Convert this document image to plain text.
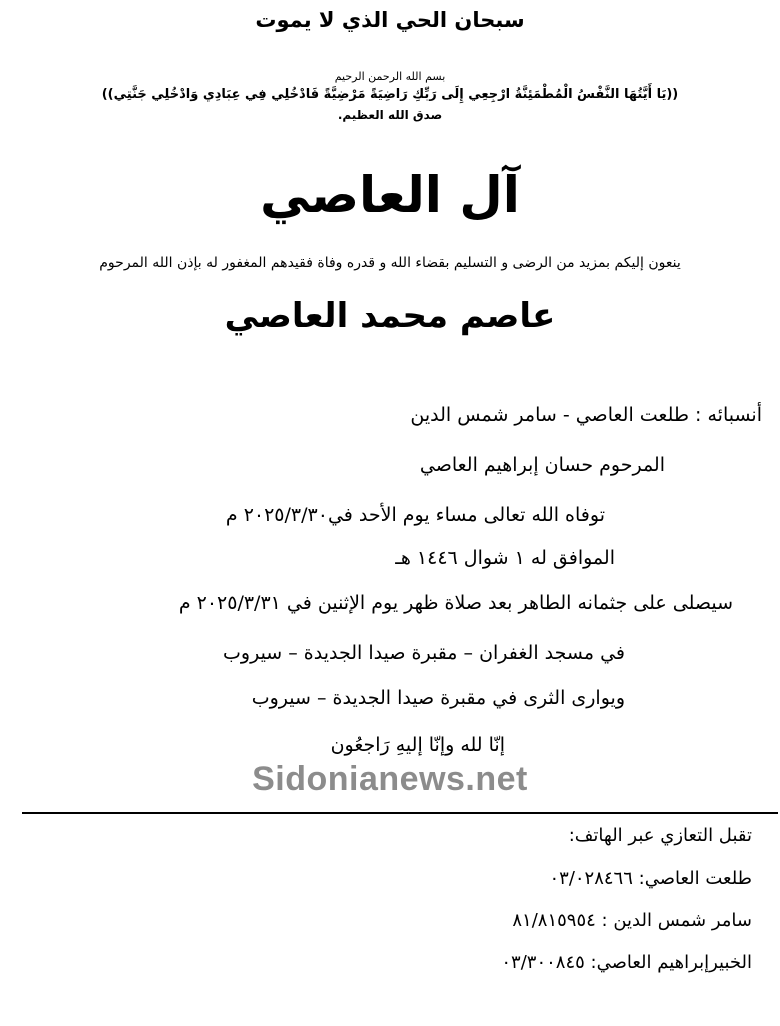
سبحان الحي الذي لا يموت

بسم الله الرحمن الرحيم

((يَا أَيَّتُهَا النَّفْسُ الْمُطْمَئِنَّةُ ارْجِعِي إِلَى رَبِّكِ رَاضِيَةً مَرْضِيَّةً فَادْخُلِي فِي عِبَادِي وَادْخُلِي جَنَّتِي))

صدق الله العظيم.

آل العاصي

ينعون إليكم بمزيد من الرضى و التسليم بقضاء الله و قدره وفاة فقيدهم المغفور له بإذن الله المرحوم

عاصم محمد العاصي

أنسبائه : طلعت العاصي - سامر شمس الدين

المرحوم حسان إبراهيم العاصي

توفاه الله تعالى مساء يوم الأحد في٢٠٢٥/٣/٣٠ م

الموافق له ١ شوال ١٤٤٦ هـ

سيصلى على جثمانه الطاهر بعد صلاة ظهر يوم الإثنين في ٢٠٢٥/٣/٣١ م

في مسجد الغفران – مقبرة صيدا الجديدة – سيروب

ويوارى الثرى في مقبرة صيدا الجديدة – سيروب

إنّا لله وإنّا إليهِ رَاجعُون

Sidonianews.net

تقبل التعازي عبر الهاتف:

طلعت العاصي: ٠٣/٠٢٨٤٦٦

سامر شمس الدين : ٨١/٨١٥٩٥٤

الخبيرإبراهيم العاصي: ٠٣/٣٠٠٨٤٥
